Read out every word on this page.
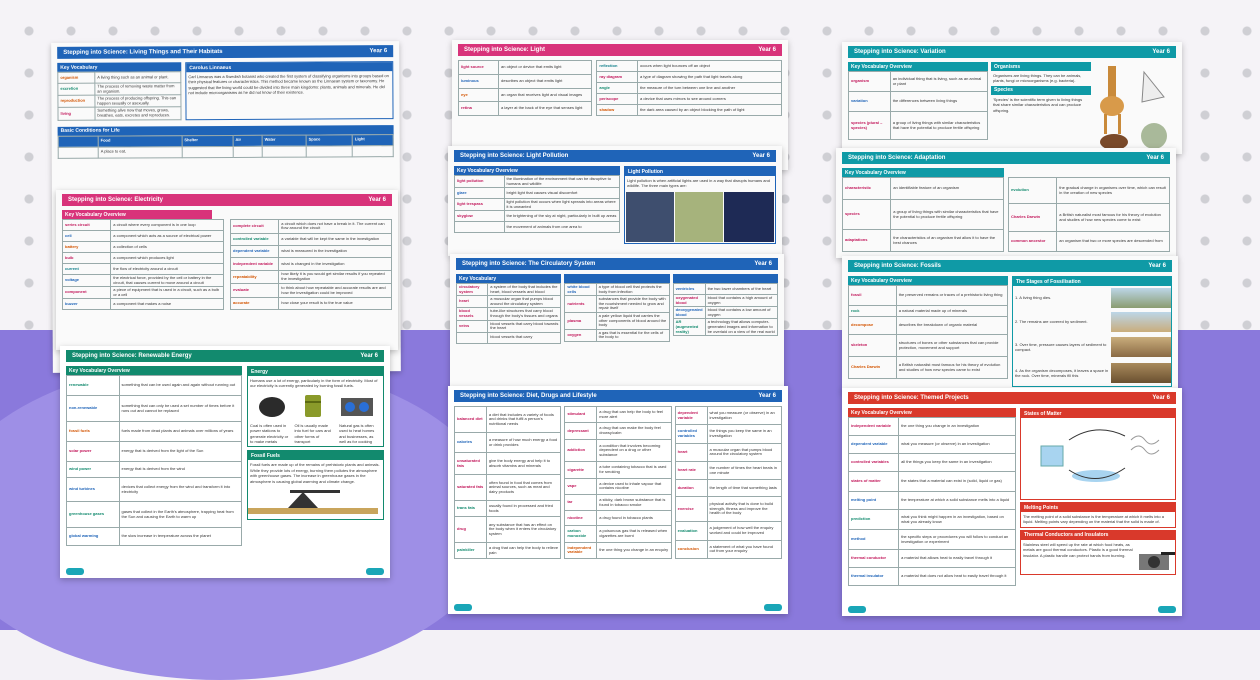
Stepping into Science: Living Things and Their Habitats	Year 6
Key Vocabulary
organism	A living thing such as an animal or plant.
excretion	The process of removing waste matter from an organism.
reproduction	The process of producing offspring. This can happen sexually or asexually.
living	Something alive now that moves, grows, breathes, eats, excretes and reproduces.
Carolus Linnaeus
Carl Linnaeus was a Swedish botanist who created the first system of classifying organisms into groups based on their physical features or characteristics. This method became known as the Linnaean system or taxonomy. He suggested that the living world could be divided into three main kingdoms: plants, animals and minerals. He did not include microorganisms as he did not know of their existence.
Basic Conditions for Life
	Food	Shelter	Air	Water	Space	Light
	A place to eat,					
Stepping into Science: Electricity	Year 6
Key Vocabulary Overview
series circuit	a circuit where every component is in one loop
cell	a component which acts as a source of electrical power
battery	a collection of cells
bulb	a component which produces light
current	the flow of electricity around a circuit
voltage	the electrical force, provided by the cell or battery in the circuit, that causes current to move around a circuit
component	a piece of equipment that is used in a circuit, such as a bulb or a cell
buzzer	a component that makes a noise
complete circuit	a circuit which does not have a break in it. The current can flow around the circuit
controlled variable	a variable that will be kept the same in the investigation
dependent variable	what is measured in the investigation
independent variable	what is changed in the investigation
repeatability	how likely it is you would get similar results if you repeated the investigation
evaluate	to think about how repeatable and accurate results are and how the investigation could be improved
accurate	how close your result is to the true value
Stepping into Science: Renewable Energy	Year 6
Key Vocabulary Overview
renewable	something that can be used again and again without running out
non-renewable	something that can only be used a set number of times before it runs out and cannot be replaced
fossil fuels	fuels made from dead plants and animals over millions of years
solar power	energy that is derived from the light of the Sun
wind power	energy that is derived from the wind
wind turbines	devices that collect energy from the wind and transform it into electricity
greenhouse gases	gases that collect in the Earth's atmosphere, trapping heat from the Sun and causing the Earth to warm up
global warming	the slow increase in temperature across the planet
Energy
Humans use a lot of energy, particularly in the form of electricity. Most of our electricity is currently generated by burning fossil fuels.
Coal is often used in power stations to generate electricity or to make metals
Oil is usually made into fuel for cars and other forms of transport
Natural gas is often used to heat homes and businesses, as well as for cooking
Fossil Fuels
Fossil fuels are made up of the remains of prehistoric plants and animals. While they provide lots of energy, burning them pollutes the atmosphere with greenhouse gases. The increase in greenhouse gases in the atmosphere is causing global warming and climate change.
Stepping into Science: Light	Year 6
light source	an object or device that emits light
luminous	describes an object that emits light
eye	an organ that receives light and visual images
retina	a layer at the back of the eye that senses light
reflection	occurs when light bounces off an object
ray diagram	a type of diagram showing the path that light travels along
angle	the measure of the turn between one line and another
periscope	a device that uses mirrors to see around corners
shadow	the dark area caused by an object blocking the path of light
Stepping into Science: Light Pollution	Year 6
Key Vocabulary Overview
light pollution	the illumination of the environment that can be disruptive to humans and wildlife
glare	bright light that causes visual discomfort
light trespass	light pollution that occurs when light spreads into areas where it is unwanted
skyglow	the brightening of the sky at night, particularly in built up areas
	the movement of animals from one area to
Light Pollution
Light pollution is when artificial lights are used in a way that disrupts humans and wildlife. The three main types are:
Stepping into Science: The Circulatory System	Year 6
Key Vocabulary
circulatory system	a system of the body that includes the heart, blood vessels and blood
heart	a muscular organ that pumps blood around the circulatory system
blood vessels	tube-like structures that carry blood through the body's tissues and organs
veins	blood vessels that carry blood towards the heart
	blood vessels that carry
white blood cells	a type of blood cell that protects the body from infection
nutrients	substances that provide the body with the nourishment needed to grow and repair itself
plasma	a pale yellow liquid that carries the other components of blood around the body
oxygen	a gas that is essential for the cells of the body to
ventricles	the two lower chambers of the heart
oxygenated blood	blood that contains a high amount of oxygen
deoxygenated blood	blood that contains a low amount of oxygen
AR (augmented reality)	a technology that allows computer-generated images and information to be overlaid on a view of the real world
Stepping into Science: Diet, Drugs and Lifestyle	Year 6
balanced diet	a diet that includes a variety of foods and drinks that fulfil a person's nutritional needs
calories	a measure of how much energy a food or drink provides
unsaturated fats	give the body energy and help it to absorb vitamins and minerals
saturated fats	often found in food that comes from animal sources, such as meat and dairy products
trans fats	usually found in processed and fried foods
drug	any substance that has an effect on the body when it enters the circulatory system
painkiller	a drug that can help the body to relieve pain
stimulant	a drug that can help the body to feel more alert
depressant	a drug that can make the body feel drowsy/calm
addiction	a condition that involves becoming dependent on a drug or other substance
cigarette	a tube containing tobacco that is used for smoking
vape	a device used to inhale vapour that contains nicotine
tar	a sticky, dark brown substance that is found in tobacco smoke
nicotine	a drug found in tobacco plants
carbon monoxide	a poisonous gas that is released when cigarettes are burnt
independent variable	the one thing you change in an enquiry
dependent variable	what you measure (or observe) in an investigation
controlled variables	the things you keep the same in an investigation
heart	a muscular organ that pumps blood around the circulatory system
heart rate	the number of times the heart beats in one minute
duration	the length of time that something lasts
exercise	physical activity that is done to build strength, fitness and improve the health of the body
evaluation	a judgement of how well the enquiry worked and could be improved
conclusion	a statement of what you have found out from your enquiry
Stepping into Science: Variation	Year 6
Key Vocabulary Overview
organism	an individual thing that is living, such as an animal or plant
variation	the differences between living things
species (plural – species)	a group of living things with similar characteristics that have the potential to produce fertile offspring
Organisms
Organisms are living things. They can be animals, plants, fungi or microorganisms (e.g. bacteria).
Species
'Species' is the scientific term given to living things that share similar characteristics and can produce offspring.
Stepping into Science: Adaptation	Year 6
Key Vocabulary Overview
characteristic	an identifiable feature of an organism
species	a group of living things with similar characteristics that have the potential to produce fertile offspring
adaptations	the characteristics of an organism that allow it to have the best chances
evolution	the gradual change in organisms over time, which can result in the creation of new species
Charles Darwin	a British naturalist most famous for his theory of evolution and studies of how new species come to exist
common ancestor	an organism that two or more species are descended from
Stepping into Science: Fossils	Year 6
Key Vocabulary Overview
fossil	the preserved remains or traces of a prehistoric living thing
rock	a natural material made up of minerals
decompose	describes the breakdown of organic material
skeleton	structures of bones or other substances that can provide protection, movement and support
Charles Darwin	a British naturalist most famous for his theory of evolution and studies of how new species came to exist
The Stages of Fossilisation
1. A living thing dies.
2. The remains are covered by sediment.
3. Over time, pressure causes layers of sediment to compact.
4. As the organism decomposes, it leaves a space in the rock. Over time, minerals fill this
Stepping into Science: Themed Projects	Year 6
Key Vocabulary Overview
independent variable	the one thing you change in an investigation
dependent variable	what you measure (or observe) in an investigation
controlled variables	all the things you keep the same in an investigation
states of matter	the states that a material can exist in (solid, liquid or gas)
melting point	the temperature at which a solid substance melts into a liquid
prediction	what you think might happen in an investigation, based on what you already know
method	the specific steps or procedures you will follow to conduct an investigation or experiment
thermal conductor	a material that allows heat to easily travel through it
thermal insulator	a material that does not allow heat to easily travel through it
States of Matter
Melting Points
The melting point of a solid substance is the temperature at which it melts into a liquid. Melting points vary depending on the material that the solid is made of.
Thermal Conductors and Insulators
Stainless steel will speed up the rate at which food heats, as metals are good thermal conductors. Plastic is a good thermal insulator. A plastic handle can protect hands from burning.
